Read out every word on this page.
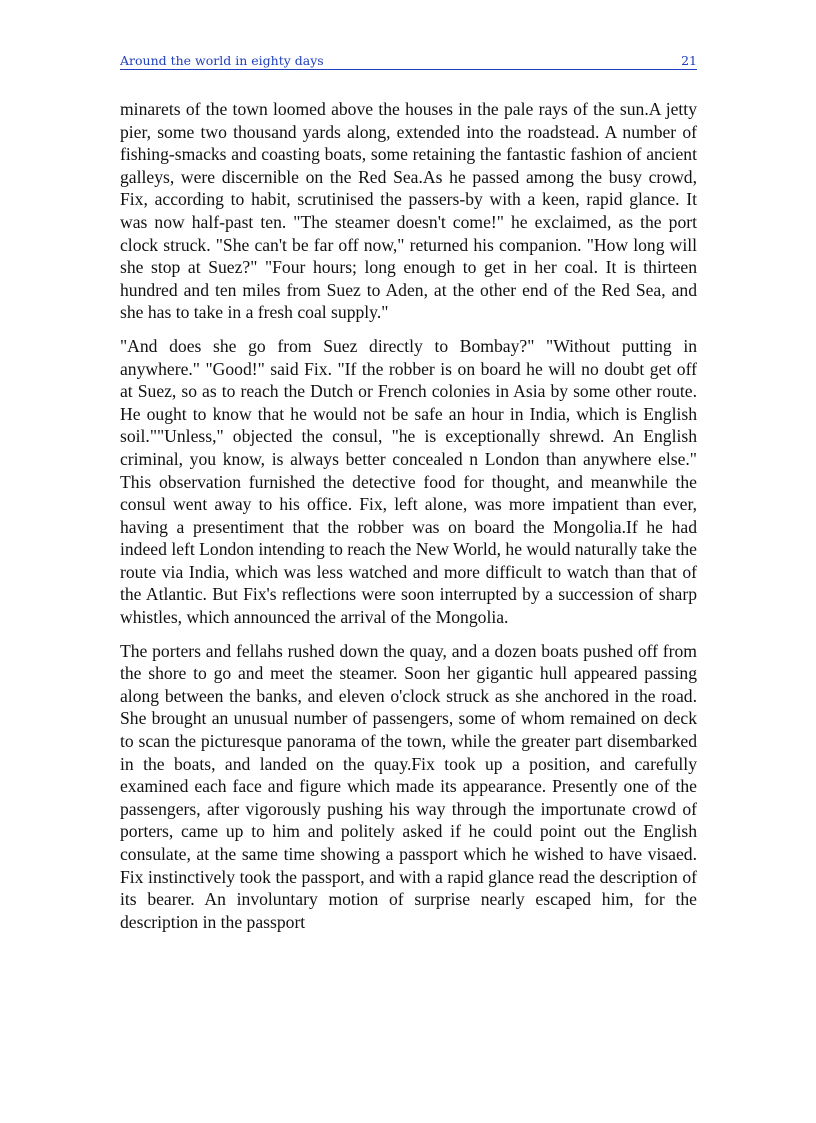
Around the world in eighty days	21

minarets of the town loomed above the houses in the pale rays of the sun.A jetty pier, some two thousand yards along, extended into the roadstead. A number of fishing-smacks and coasting boats, some retaining the fantastic fashion of ancient galleys, were discernible on the Red Sea.As he passed among the busy crowd, Fix, according to habit, scrutinised the passers-by with a keen, rapid glance. It was now half-past ten. "The steamer doesn't come!" he exclaimed, as the port clock struck. "She can't be far off now," returned his companion. "How long will she stop at Suez?" "Four hours; long enough to get in her coal. It is thirteen hundred and ten miles from Suez to Aden, at the other end of the Red Sea, and she has to take in a fresh coal supply."

"And does she go from Suez directly to Bombay?" "Without putting in anywhere." "Good!" said Fix. "If the robber is on board he will no doubt get off at Suez, so as to reach the Dutch or French colonies in Asia by some other route. He ought to know that he would not be safe an hour in India, which is English soil.""Unless," objected the consul, "he is exceptionally shrewd. An English criminal, you know, is always better concealed n London than anywhere else." This observation furnished the detective food for thought, and meanwhile the consul went away to his office. Fix, left alone, was more impatient than ever, having a presentiment that the robber was on board the Mongolia.If he had indeed left London intending to reach the New World, he would naturally take the route via India, which was less watched and more difficult to watch than that of the Atlantic. But Fix's reflections were soon interrupted by a succession of sharp whistles, which announced the arrival of the Mongolia.

The porters and fellahs rushed down the quay, and a dozen boats pushed off from the shore to go and meet the steamer. Soon her gigantic hull appeared passing along between the banks, and eleven o'clock struck as she anchored in the road. She brought an unusual number of passengers, some of whom remained on deck to scan the picturesque panorama of the town, while the greater part disembarked in the boats, and landed on the quay.Fix took up a position, and carefully examined each face and figure which made its appearance. Presently one of the passengers, after vigorously pushing his way through the importunate crowd of porters, came up to him and politely asked if he could point out the English consulate, at the same time showing a passport which he wished to have visaed. Fix instinctively took the passport, and with a rapid glance read the description of its bearer. An involuntary motion of surprise nearly escaped him, for the description in the passport
